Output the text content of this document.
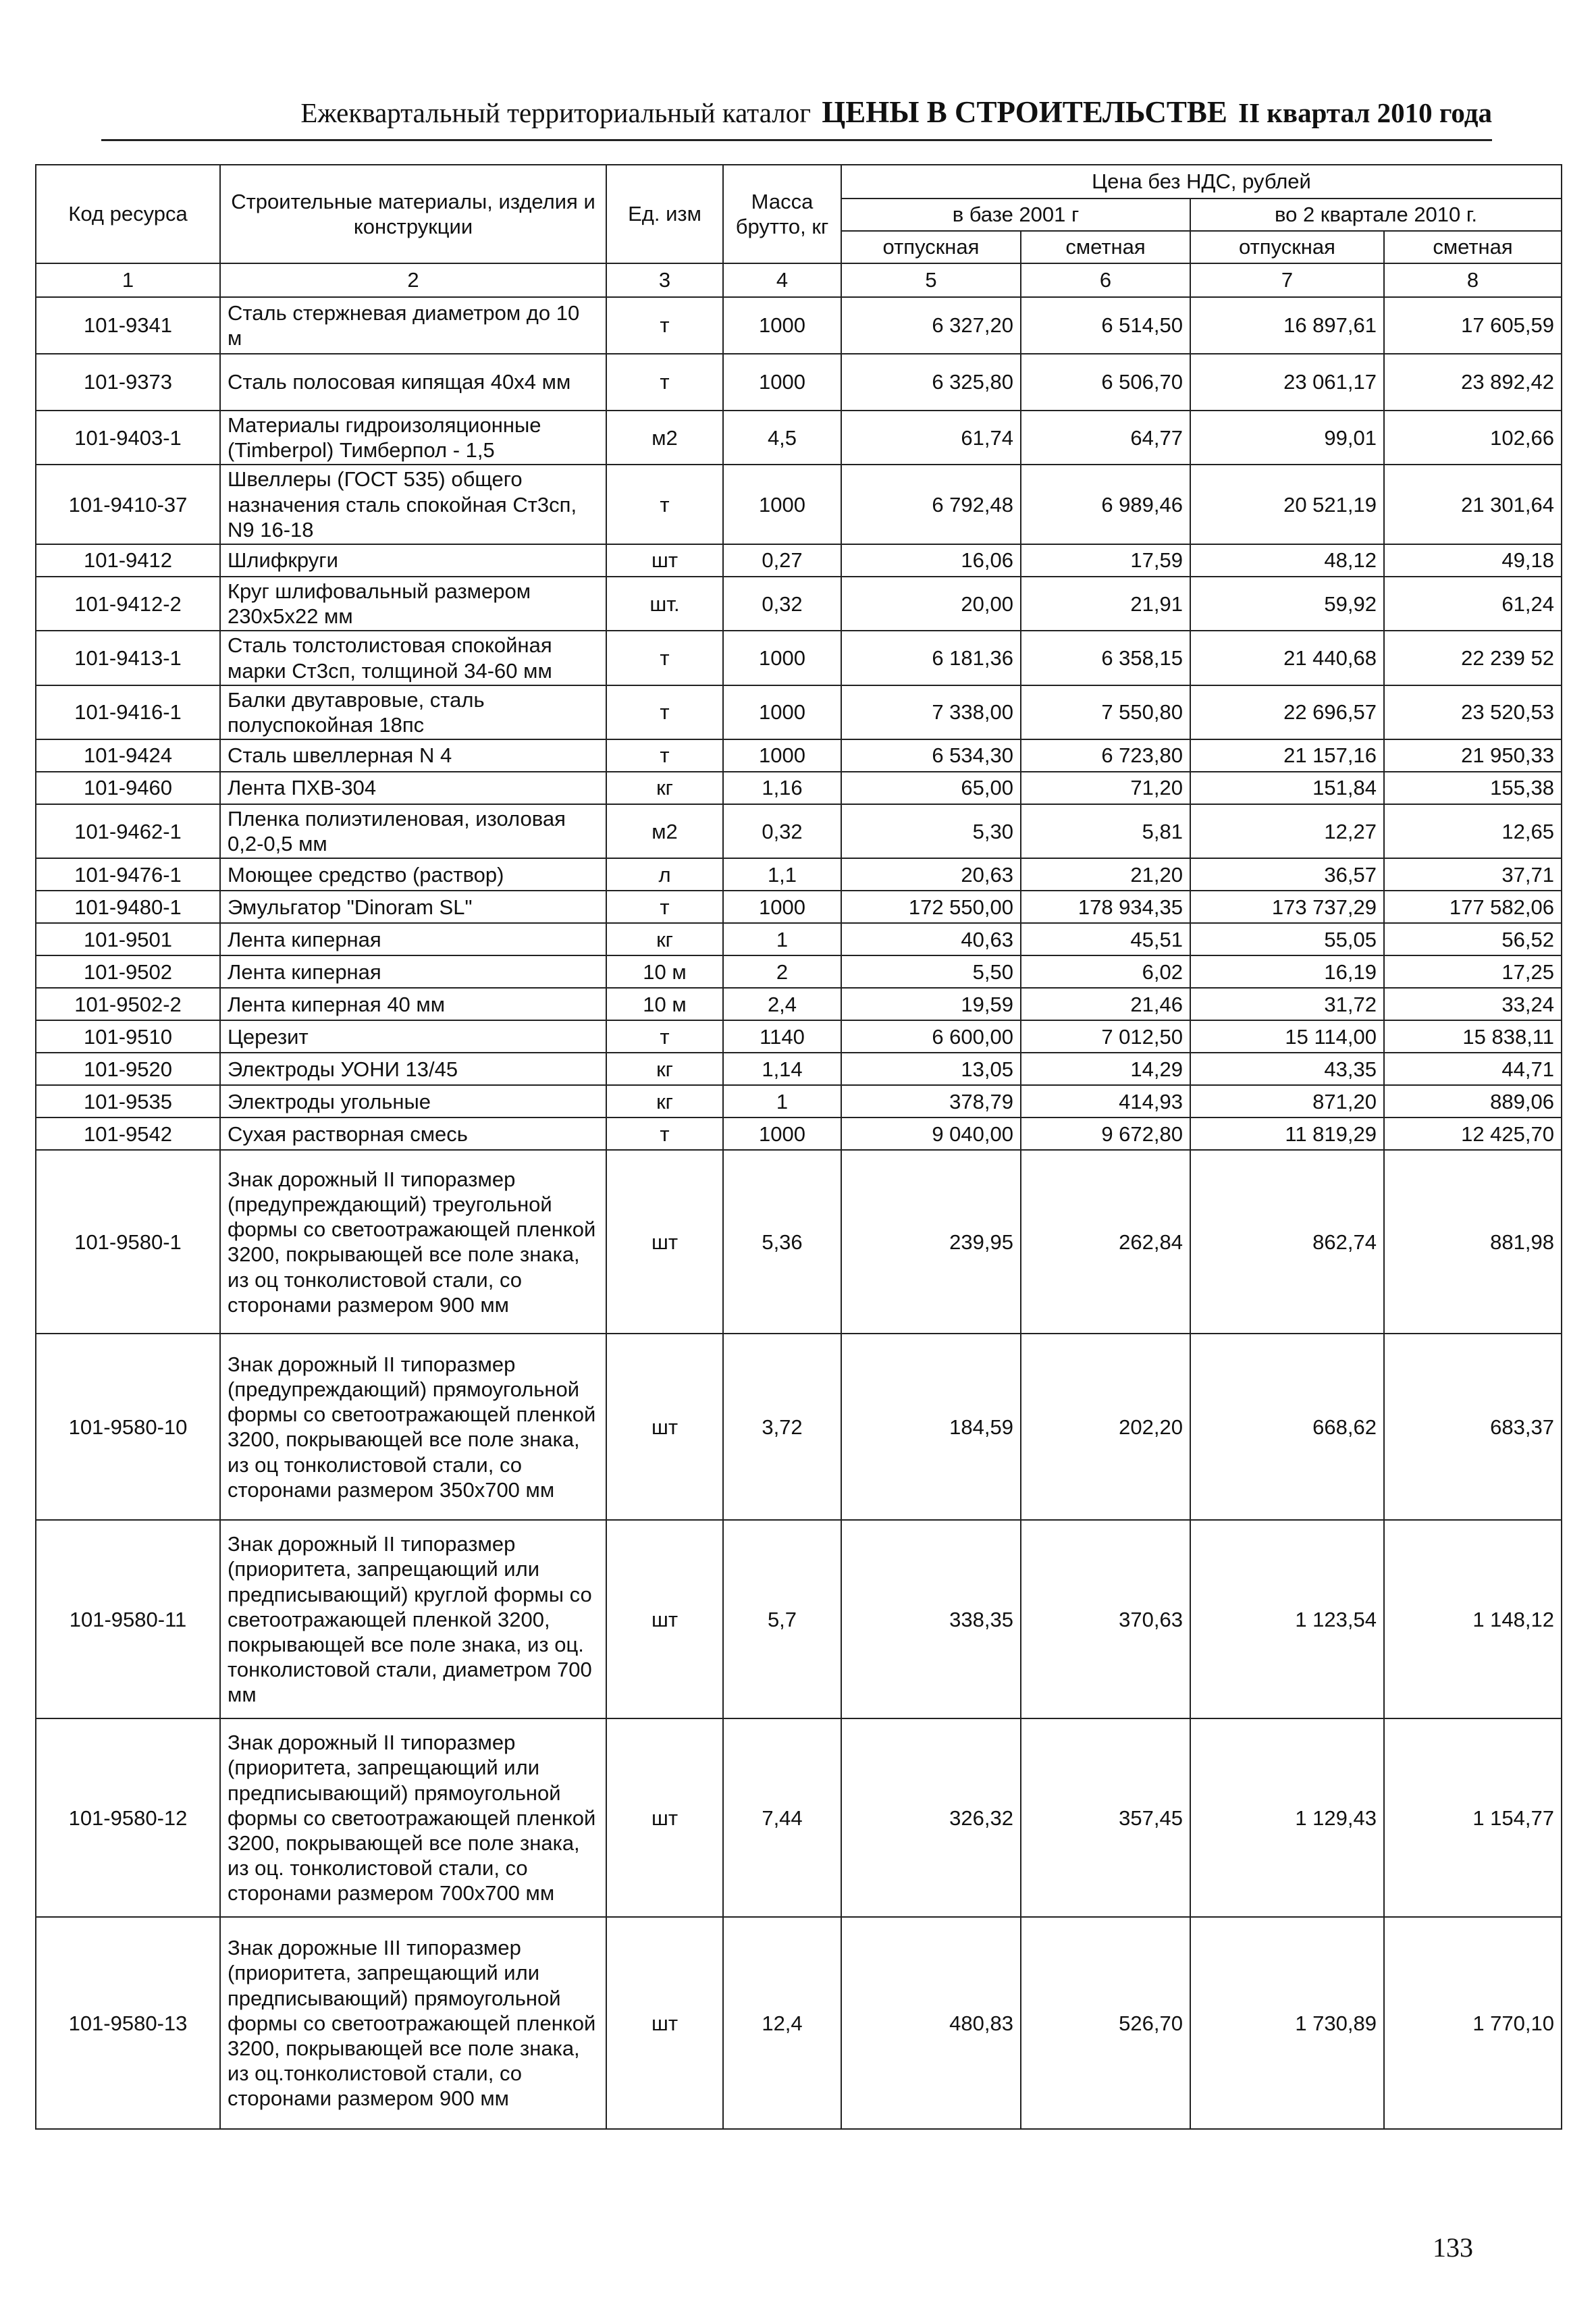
Ежеквартальный территориальный каталог ЦЕНЫ В СТРОИТЕЛЬСТВЕ II квартал 2010 года
Код ресурса	Строительные материалы, изделия и конструкции	Ед. изм	Масса брутто, кг	Цена без НДС, рублей			
				в базе 2001 г		во 2 квартале 2010 г.	
				отпускная	сметная	отпускная	сметная
1	2	3	4	5	6	7	8
101-9341	Сталь стержневая диаметром до 10 м	т	1000	6 327,20	6 514,50	16 897,61	17 605,59
101-9373	Сталь полосовая кипящая 40х4 мм	т	1000	6 325,80	6 506,70	23 061,17	23 892,42
101-9403-1	Материалы гидроизоляционные (Timberpol) Тимберпол - 1,5	м2	4,5	61,74	64,77	99,01	102,66
101-9410-37	Швеллеры (ГОСТ 535) общего назначения сталь спокойная Ст3сп, N9 16-18	т	1000	6 792,48	6 989,46	20 521,19	21 301,64
101-9412	Шлифкруги	шт	0,27	16,06	17,59	48,12	49,18
101-9412-2	Круг шлифовальный размером 230х5х22 мм	шт.	0,32	20,00	21,91	59,92	61,24
101-9413-1	Сталь толстолистовая спокойная марки Ст3сп, толщиной 34-60 мм	т	1000	6 181,36	6 358,15	21 440,68	22 239 52
101-9416-1	Балки двутавровые, сталь полуспокойная 18пс	т	1000	7 338,00	7 550,80	22 696,57	23 520,53
101-9424	Сталь швеллерная N 4	т	1000	6 534,30	6 723,80	21 157,16	21 950,33
101-9460	Лента ПХВ-304	кг	1,16	65,00	71,20	151,84	155,38
101-9462-1	Пленка полиэтиленовая, изоловая 0,2-0,5 мм	м2	0,32	5,30	5,81	12,27	12,65
101-9476-1	Моющее средство (раствор)	л	1,1	20,63	21,20	36,57	37,71
101-9480-1	Эмульгатор "Dinoram SL"	т	1000	172 550,00	178 934,35	173 737,29	177 582,06
101-9501	Лента киперная	кг	1	40,63	45,51	55,05	56,52
101-9502	Лента киперная	10 м	2	5,50	6,02	16,19	17,25
101-9502-2	Лента киперная 40 мм	10 м	2,4	19,59	21,46	31,72	33,24
101-9510	Церезит	т	1140	6 600,00	7 012,50	15 114,00	15 838,11
101-9520	Электроды УОНИ 13/45	кг	1,14	13,05	14,29	43,35	44,71
101-9535	Электроды угольные	кг	1	378,79	414,93	871,20	889,06
101-9542	Сухая растворная смесь	т	1000	9 040,00	9 672,80	11 819,29	12 425,70
101-9580-1	Знак дорожный II типоразмер (предупреждающий) треугольной формы со светоотражающей пленкой 3200, покрывающей все поле знака, из оц тонколистовой стали, со сторонами размером 900 мм	шт	5,36	239,95	262,84	862,74	881,98
101-9580-10	Знак дорожный II типоразмер (предупреждающий) прямоугольной формы со светоотражающей пленкой 3200, покрывающей все поле знака, из оц тонколистовой стали, со сторонами размером 350х700 мм	шт	3,72	184,59	202,20	668,62	683,37
101-9580-11	Знак дорожный II типоразмер (приоритета, запрещающий или предписывающий) круглой формы со светоотражающей пленкой 3200, покрывающей все поле знака, из оц. тонколистовой стали, диаметром 700 мм	шт	5,7	338,35	370,63	1 123,54	1 148,12
101-9580-12	Знак дорожный II типоразмер (приоритета, запрещающий или предписывающий) прямоугольной формы со светоотражающей пленкой 3200, покрывающей все поле знака, из оц. тонколистовой стали, со сторонами размером 700х700 мм	шт	7,44	326,32	357,45	1 129,43	1 154,77
101-9580-13	Знак дорожные III типоразмер (приоритета, запрещающий или предписывающий) прямоугольной формы со светоотражающей пленкой 3200, покрывающей все поле знака, из оц.тонколистовой стали, со сторонами размером 900 мм	шт	12,4	480,83	526,70	1 730,89	1 770,10
133
